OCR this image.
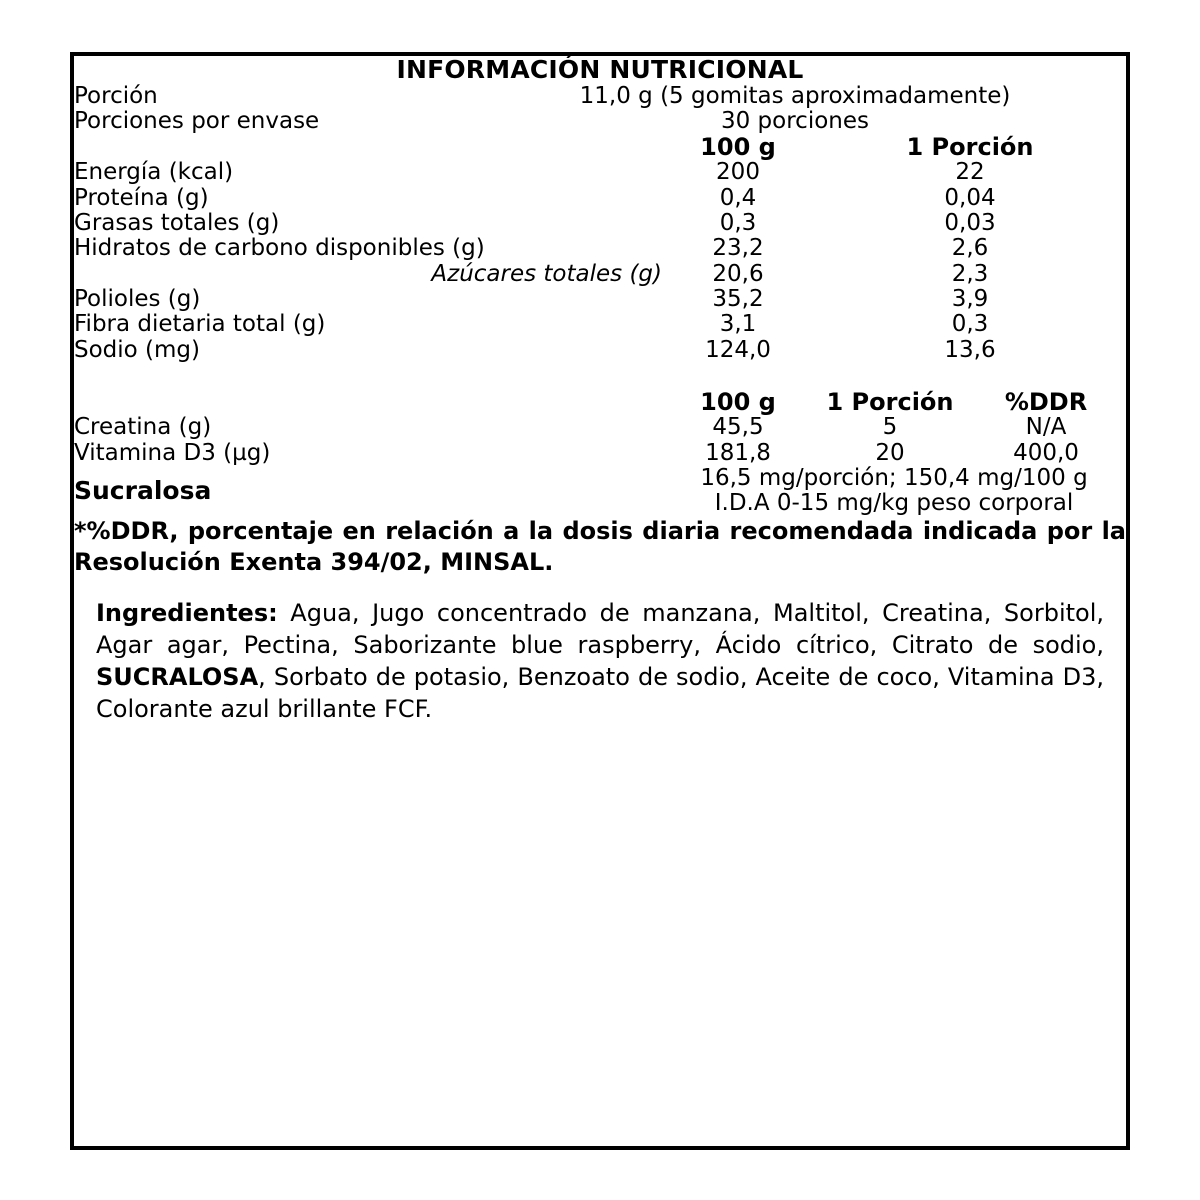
INFORMACIÓN NUTRICIONAL
Porción	11,0 g (5 gomitas aproximadamente)
Porciones por envase	30 porciones
	100 g	1 Porción
Energía (kcal)	200	22
Proteína (g)	0,4	0,04
Grasas totales (g)	0,3	0,03
Hidratos de carbono disponibles (g)	23,2	2,6
Azúcares totales (g)	20,6	2,3
Polioles (g)	35,2	3,9
Fibra dietaria total (g)	3,1	0,3
Sodio (mg)	124,0	13,6

	100 g	1 Porción	%DDR
Creatina (g)	45,5	5	N/A
Vitamina D3 (µg)	181,8	20	400,0
Sucralosa	16,5 mg/porción; 150,4 mg/100 g
I.D.A 0-15 mg/kg peso corporal
*%DDR, porcentaje en relación a la dosis diaria recomendada indicada por la Resolución Exenta 394/02, MINSAL.
Ingredientes: Agua, Jugo concentrado de manzana, Maltitol, Creatina, Sorbitol, Agar agar, Pectina, Saborizante blue raspberry, Ácido cítrico, Citrato de sodio, SUCRALOSA, Sorbato de potasio, Benzoato de sodio, Aceite de coco, Vitamina D3, Colorante azul brillante FCF.
